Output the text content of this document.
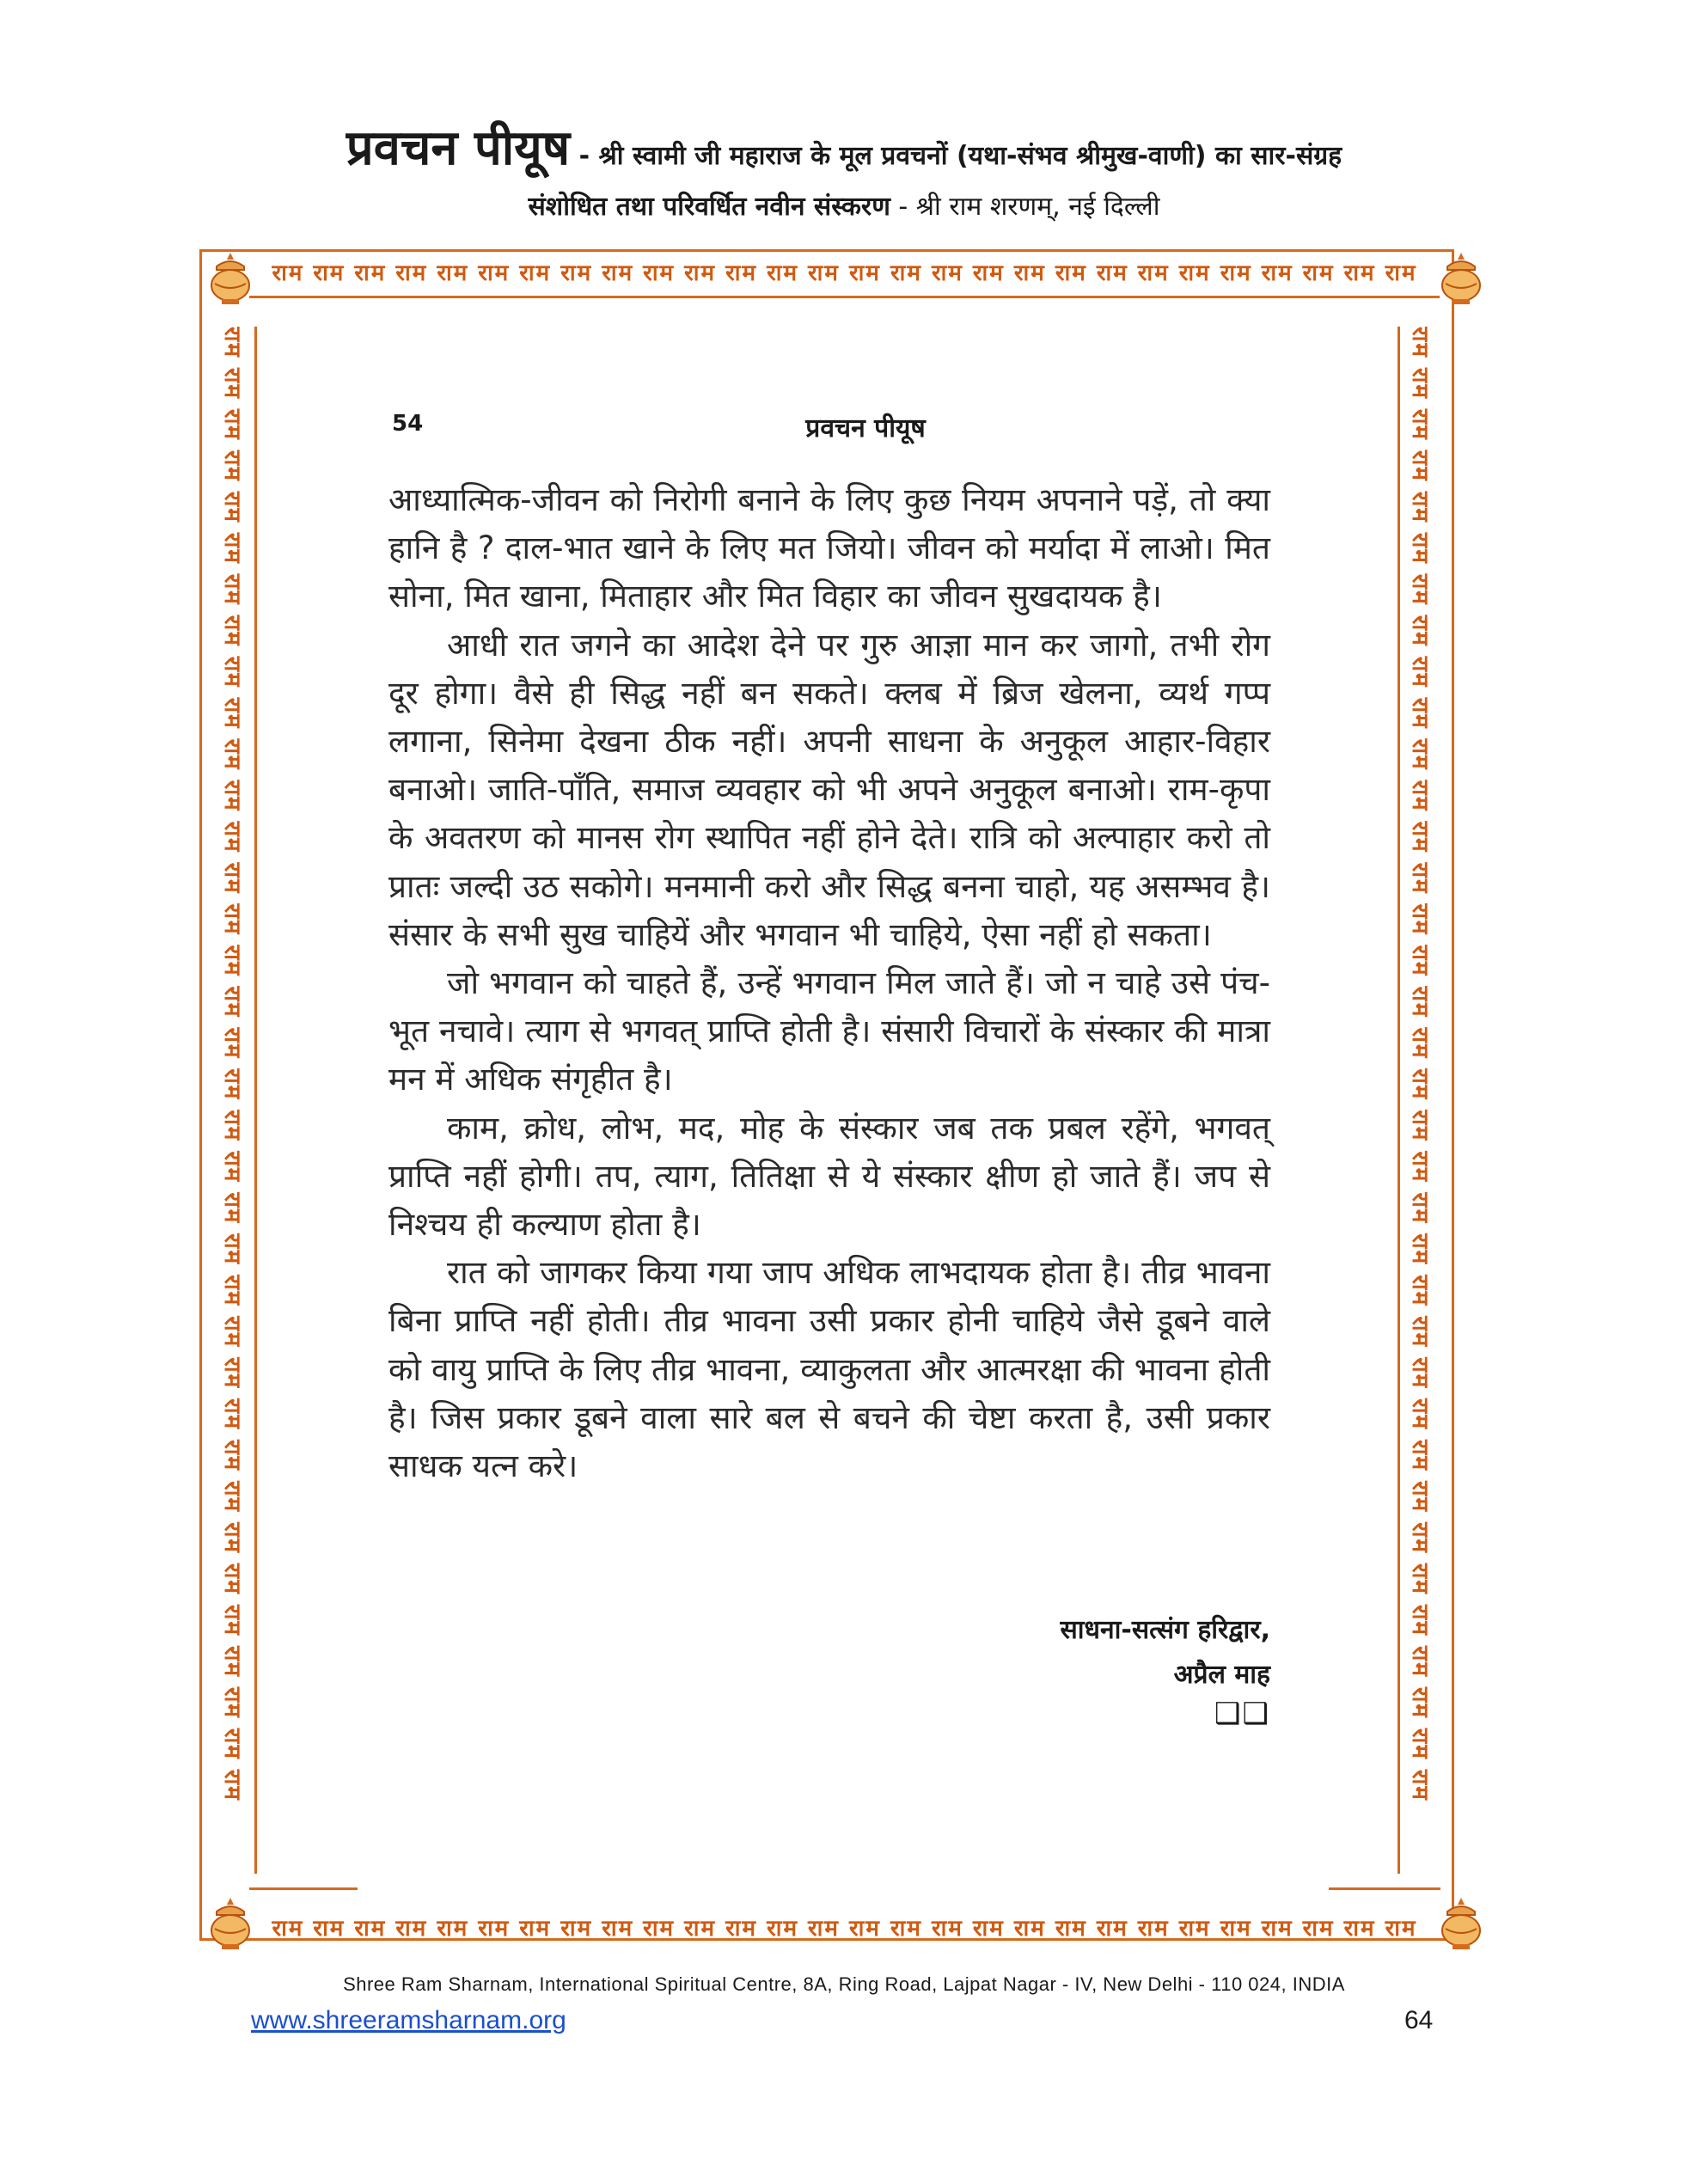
प्रवचन पीयूष - श्री स्वामी जी महाराज के मूल प्रवचनों (यथा-संभव श्रीमुख-वाणी) का सार-संग्रह
संशोधित तथा परिवर्धित नवीन संस्करण - श्री राम शरणम्, नई दिल्ली
राम राम राम राम राम राम राम राम राम राम राम राम राम राम राम राम राम राम राम राम राम राम राम राम राम राम राम राम
राम राम राम राम राम राम राम राम राम राम राम राम राम राम राम राम राम राम राम राम राम राम राम राम राम राम राम राम
राम राम राम राम राम राम राम राम राम राम राम राम राम राम राम राम राम राम राम राम राम राम राम राम राम राम राम राम राम राम राम राम राम राम राम राम	राम राम राम राम राम राम राम राम राम राम राम राम राम राम राम राम राम राम राम राम राम राम राम राम राम राम राम राम राम राम राम राम राम राम राम राम
54	प्रवचन पीयूष

आध्यात्मिक-जीवन को निरोगी बनाने के लिए कुछ नियम अपनाने पड़ें, तो क्या हानि है ? दाल-भात खाने के लिए मत जियो। जीवन को मर्यादा में लाओ। मित सोना, मित खाना, मिताहार और मित विहार का जीवन सुखदायक है।

आधी रात जगने का आदेश देने पर गुरु आज्ञा मान कर जागो, तभी रोग दूर होगा। वैसे ही सिद्ध नहीं बन सकते। क्लब में ब्रिज खेलना, व्यर्थ गप्प लगाना, सिनेमा देखना ठीक नहीं। अपनी साधना के अनुकूल आहार-विहार बनाओ। जाति-पाँति, समाज व्यवहार को भी अपने अनुकूल बनाओ। राम-कृपा के अवतरण को मानस रोग स्थापित नहीं होने देते। रात्रि को अल्पाहार करो तो प्रातः जल्दी उठ सकोगे। मनमानी करो और सिद्ध बनना चाहो, यह असम्भव है। संसार के सभी सुख चाहियें और भगवान भी चाहिये, ऐसा नहीं हो सकता।

जो भगवान को चाहते हैं, उन्हें भगवान मिल जाते हैं। जो न चाहे उसे पंच-भूत नचावे। त्याग से भगवत् प्राप्ति होती है। संसारी विचारों के संस्कार की मात्रा मन में अधिक संगृहीत है।

काम, क्रोध, लोभ, मद, मोह के संस्कार जब तक प्रबल रहेंगे, भगवत् प्राप्ति नहीं होगी। तप, त्याग, तितिक्षा से ये संस्कार क्षीण हो जाते हैं। जप से निश्चय ही कल्याण होता है।

रात को जागकर किया गया जाप अधिक लाभदायक होता है। तीव्र भावना बिना प्राप्ति नहीं होती। तीव्र भावना उसी प्रकार होनी चाहिये जैसे डूबने वाले को वायु प्राप्ति के लिए तीव्र भावना, व्याकुलता और आत्मरक्षा की भावना होती है। जिस प्रकार डूबने वाला सारे बल से बचने की चेष्टा करता है, उसी प्रकार साधक यत्न करे।

साधना-सत्संग हरिद्वार,
अप्रैल माह
❑❑
Shree Ram Sharnam, International Spiritual Centre, 8A, Ring Road, Lajpat Nagar - IV, New Delhi - 110 024, INDIA
www.shreeramsharnam.org	64
